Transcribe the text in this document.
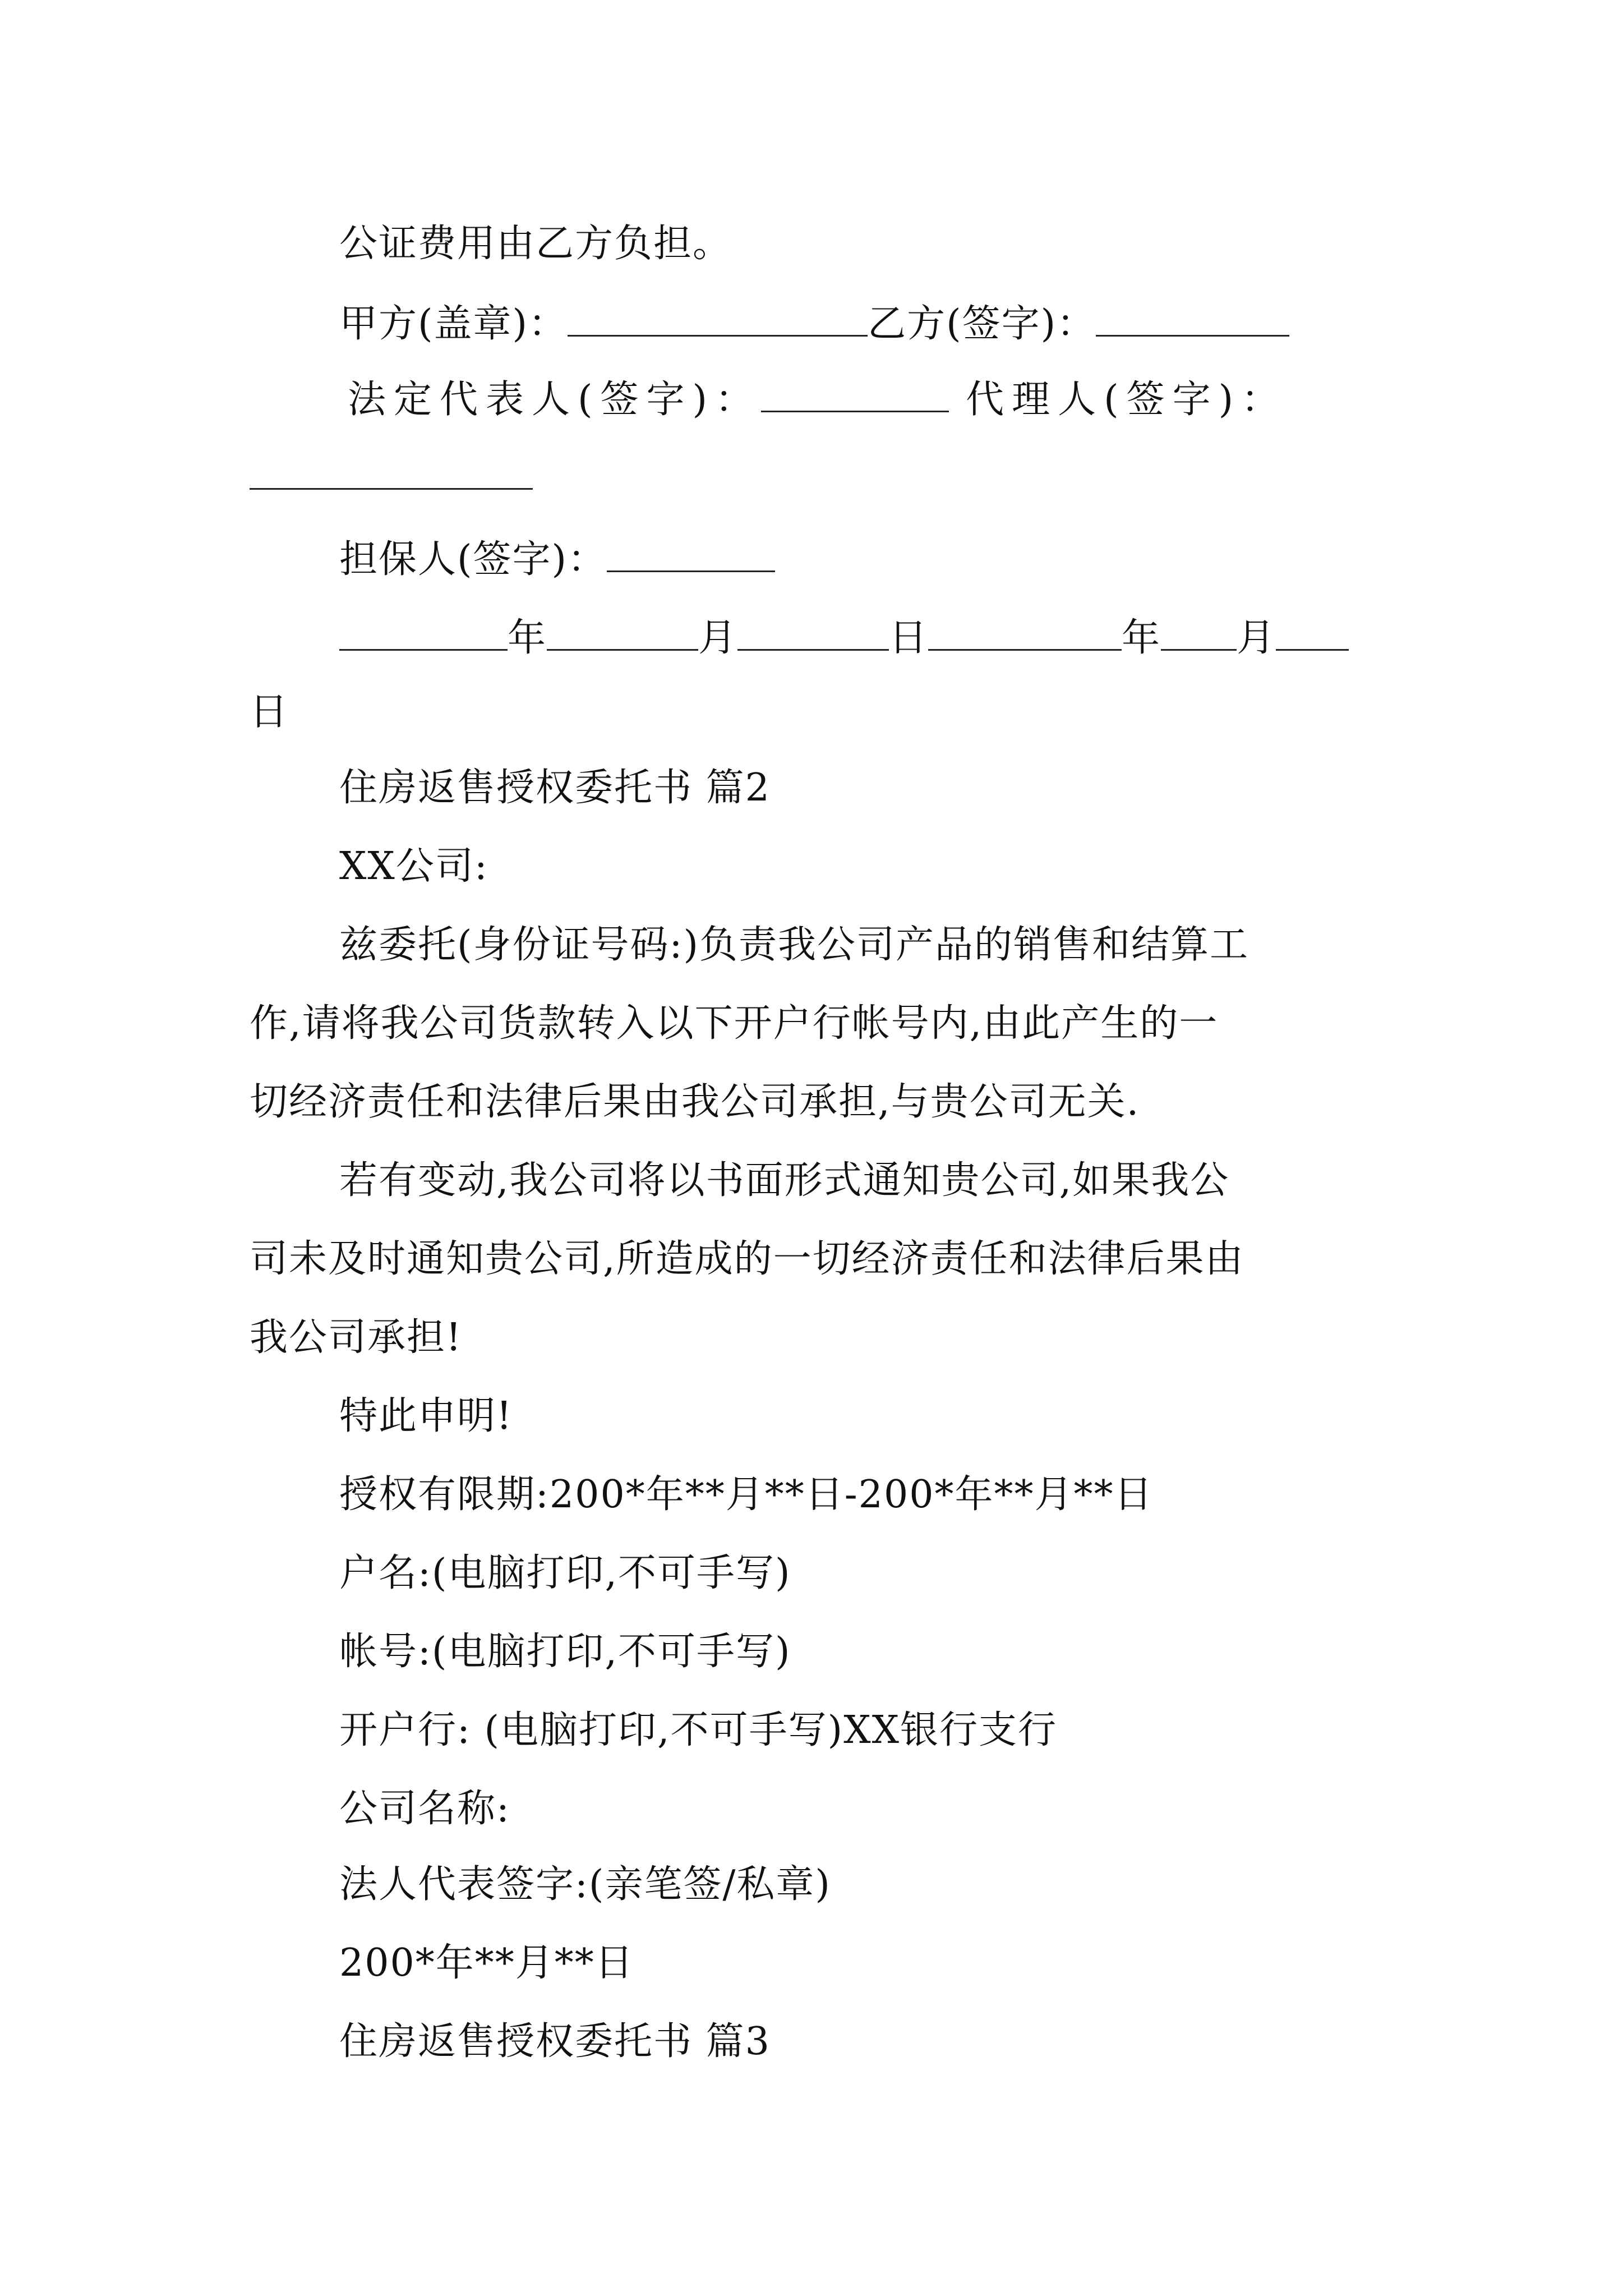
公证费用由乙方负担。
甲方(盖章)：	乙方(签字)：
法定代表人(签字)：	代理人(签字)：
担保人(签字)：
年	月	日	年 月
日
住房返售授权委托书 篇2
XX公司:
兹委托(身份证号码:)负责我公司产品的销售和结算工
作,请将我公司货款转入以下开户行帐号内,由此产生的一
切经济责任和法律后果由我公司承担,与贵公司无关.
若有变动,我公司将以书面形式通知贵公司,如果我公
司未及时通知贵公司,所造成的一切经济责任和法律后果由
我公司承担!
特此申明!
授权有限期:200*年**月**日-200*年**月**日
户名:(电脑打印,不可手写)
帐号:(电脑打印,不可手写)
开户行: (电脑打印,不可手写)XX银行支行
公司名称:
法人代表签字:(亲笔签/私章)
200*年**月**日
住房返售授权委托书 篇3
